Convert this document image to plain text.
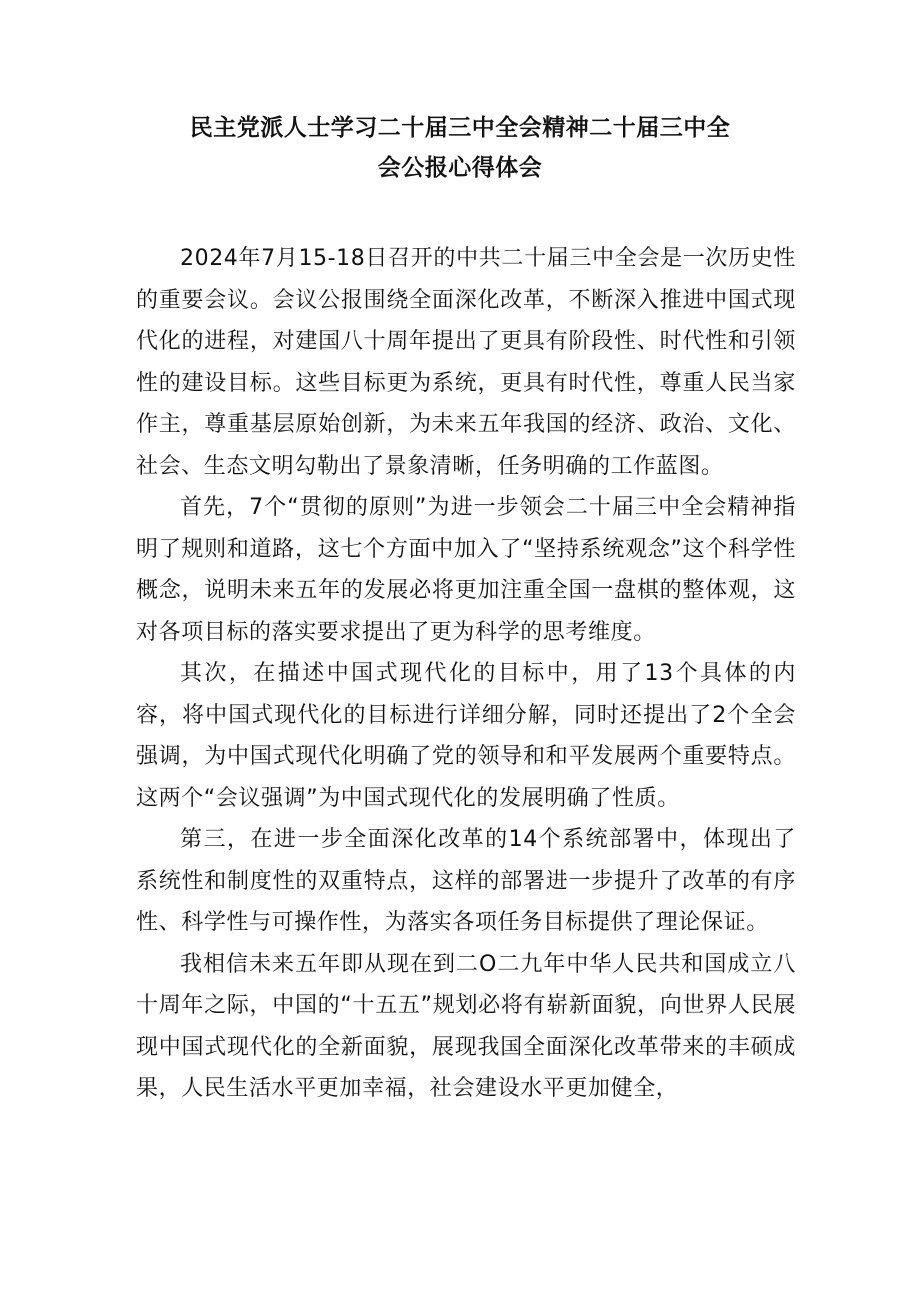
民主党派人士学习二十届三中全会精神二十届三中全
会公报心得体会

2024年7月15-18日召开的中共二十届三中全会是一次历史性的重要会议。会议公报围绕全面深化改革，不断深入推进中国式现代化的进程，对建国八十周年提出了更具有阶段性、时代性和引领性的建设目标。这些目标更为系统，更具有时代性，尊重人民当家作主，尊重基层原始创新，为未来五年我国的经济、政治、文化、社会、生态文明勾勒出了景象清晰，任务明确的工作蓝图。

首先，7个“贯彻的原则”为进一步领会二十届三中全会精神指明了规则和道路，这七个方面中加入了“坚持系统观念”这个科学性概念，说明未来五年的发展必将更加注重全国一盘棋的整体观，这对各项目标的落实要求提出了更为科学的思考维度。

其次，在描述中国式现代化的目标中，用了13个具体的内容，将中国式现代化的目标进行详细分解，同时还提出了2个全会强调，为中国式现代化明确了党的领导和和平发展两个重要特点。这两个“会议强调”为中国式现代化的发展明确了性质。

第三，在进一步全面深化改革的14个系统部署中，体现出了系统性和制度性的双重特点，这样的部署进一步提升了改革的有序性、科学性与可操作性，为落实各项任务目标提供了理论保证。

我相信未来五年即从现在到二O二九年中华人民共和国成立八十周年之际，中国的“十五五”规划必将有崭新面貌，向世界人民展现中国式现代化的全新面貌，展现我国全面深化改革带来的丰硕成果，人民生活水平更加幸福，社会建设水平更加健全，
